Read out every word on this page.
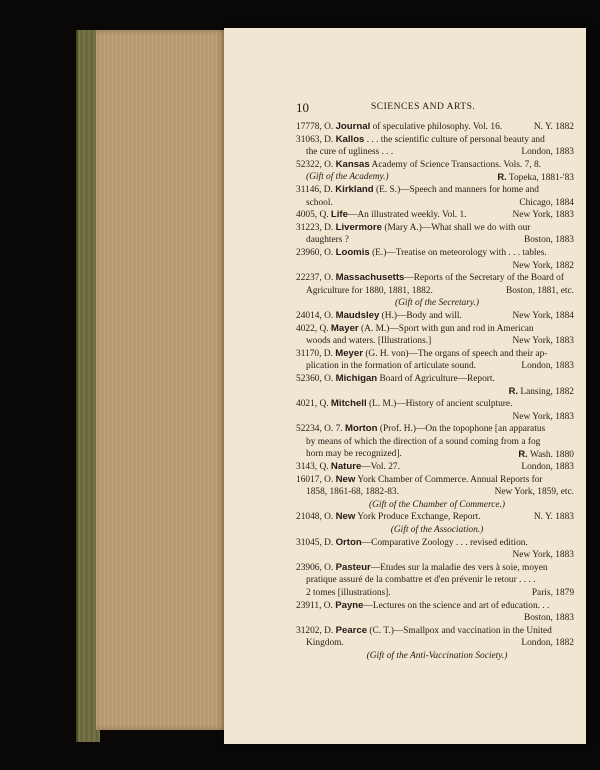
10	SCIENCES AND ARTS.
17778, O. Journal of speculative philosophy. Vol. 16.	N. Y. 1882
31063, D. Kallos . . . the scientific culture of personal beauty and
the cure of ugliness . . .	London, 1883
52322, O. Kansas Academy of Science Transactions. Vols. 7, 8.
(Gift of the Academy.)	R. Topeka, 1881-'83
31146, D. Kirkland (E. S.)—Speech and manners for home and
school.	Chicago, 1884
4005, Q. Life—An illustrated weekly. Vol. 1.	New York, 1883
31223, D. Livermore (Mary A.)—What shall we do with our
daughters ?	Boston, 1883
23960, O. Loomis (E.)—Treatise on meteorology with . . . tables.
New York, 1882
22237, O. Massachusetts—Reports of the Secretary of the Board of
Agriculture for 1880, 1881, 1882.	Boston, 1881, etc.
(Gift of the Secretary.)
24014, O. Maudsley (H.)—Body and will.	New York, 1884
4022, Q. Mayer (A. M.)—Sport with gun and rod in American
woods and waters. [Illustrations.]	New York, 1883
31170, D. Meyer (G. H. von)—The organs of speech and their ap-
plication in the formation of articulate sound.	London, 1883
52360, O. Michigan Board of Agriculture—Report.
R. Lansing, 1882
4021, Q. Mitchell (L. M.)—History of ancient sculpture.
New York, 1883
52234, O. 7. Morton (Prof. H.)—On the topophone [an apparatus
by means of which the direction of a sound coming from a fog
horn may be recognized].	R. Wash. 1880
3143, Q. Nature—Vol. 27.	London, 1883
16017, O. New York Chamber of Commerce. Annual Reports for
1858, 1861-68, 1882-83.	New York, 1859, etc.
(Gift of the Chamber of Commerce.)
21048, O. New York Produce Exchange, Report.	N. Y. 1883
(Gift of the Association.)
31045, D. Orton—Comparative Zoology . . . revised edition.
New York, 1883
23906, O. Pasteur—Etudes sur la maladie des vers à soie, moyen
pratique assuré de la combattre et d'en prévenir le retour . . . .
2 tomes [illustrations].	Paris, 1879
23911, O. Payne—Lectures on the science and art of education. . .
Boston, 1883
31202, D. Pearce (C. T.)—Smallpox and vaccination in the United
Kingdom.	London, 1882
(Gift of the Anti-Vaccination Society.)
